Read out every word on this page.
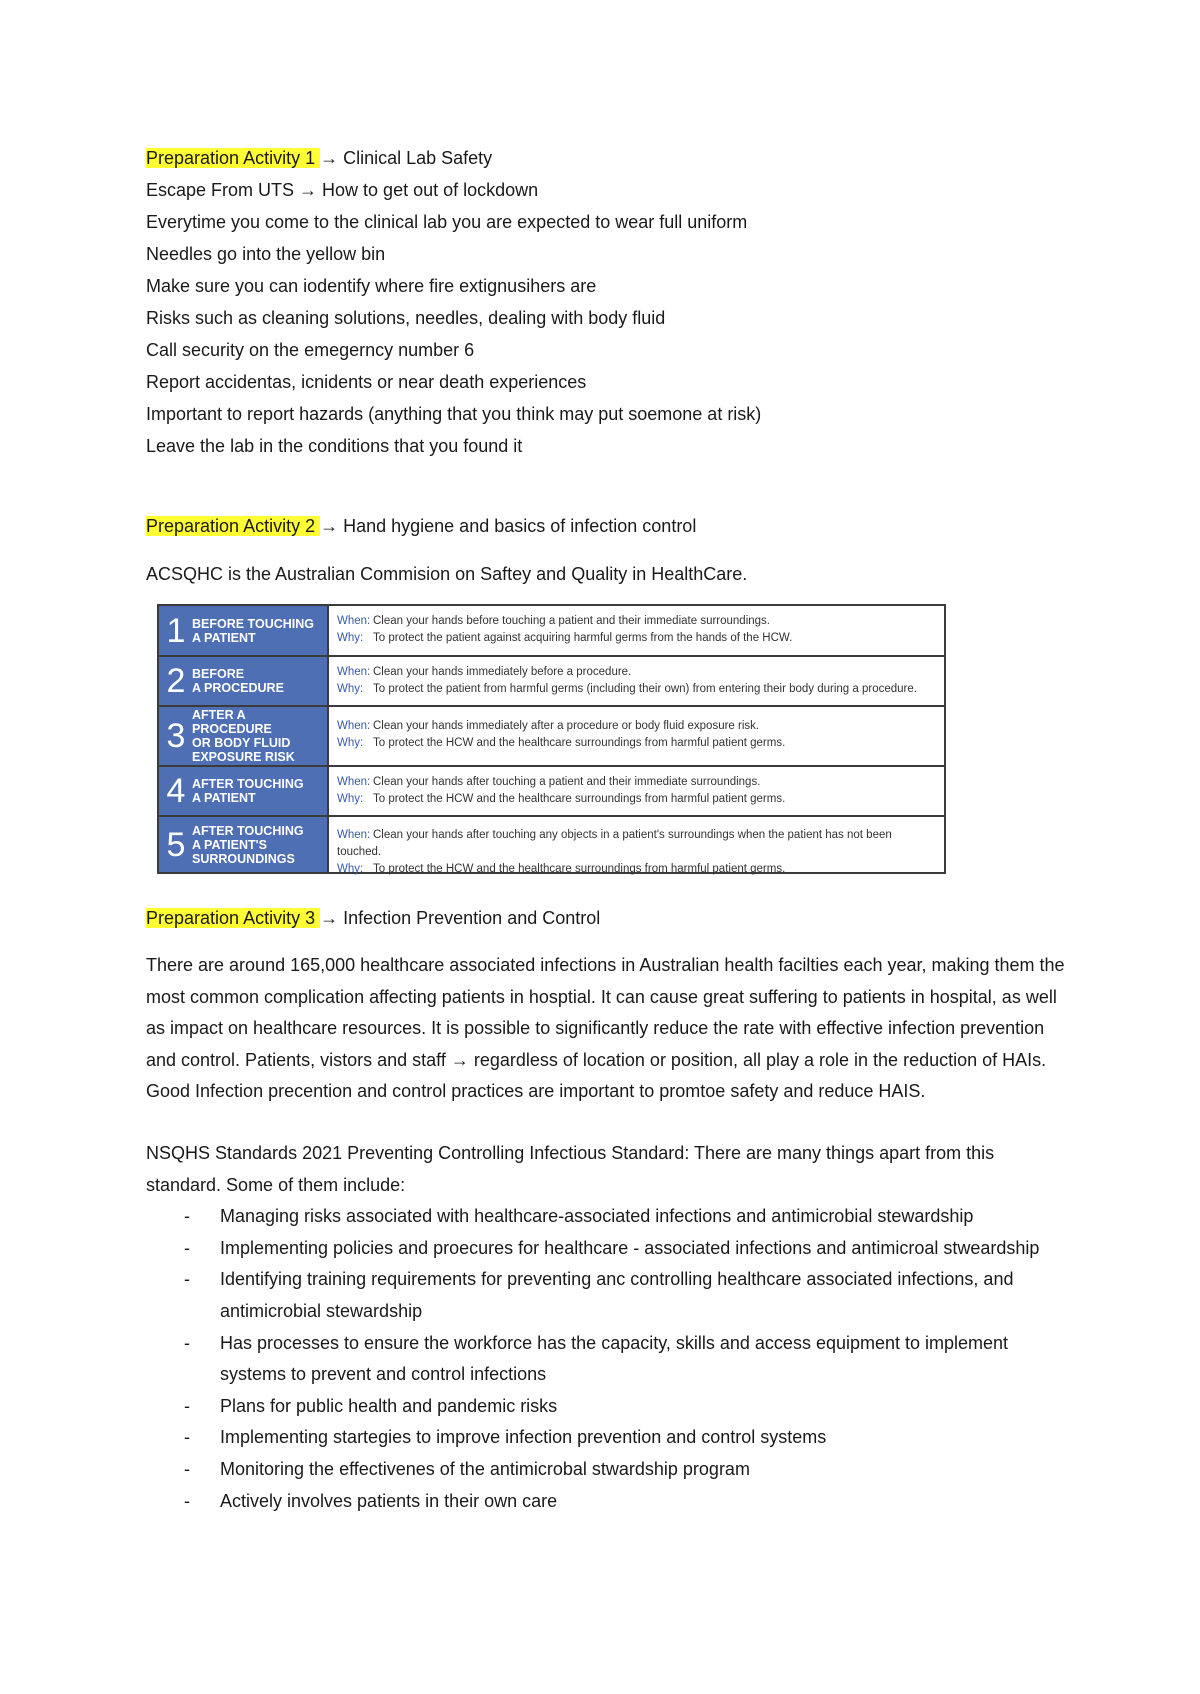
Preparation Activity 1 → Clinical Lab Safety
Escape From UTS → How to get out of lockdown
Everytime you come to the clinical lab you are expected to wear full uniform
Needles go into the yellow bin
Make sure you can iodentify where fire extignusihers are
Risks such as cleaning solutions, needles, dealing with body fluid
Call security on the emegerncy number 6
Report accidentas, icnidents or near death experiences
Important to report hazards (anything that you think may put soemone at risk)
Leave the lab in the conditions that you found it
Preparation Activity 2 → Hand hygiene and basics of infection control
ACSQHC is the Australian Commision on Saftey and Quality in HealthCare.
1 BEFORE TOUCHING
A PATIENT
When: Clean your hands before touching a patient and their immediate surroundings.
Why: To protect the patient against acquiring harmful germs from the hands of the HCW.
2 BEFORE
A PROCEDURE
When: Clean your hands immediately before a procedure.
Why: To protect the patient from harmful germs (including their own) from entering their body during a procedure.
3
AFTER A PROCEDURE
OR BODY FLUID
EXPOSURE RISK
When: Clean your hands immediately after a procedure or body fluid exposure risk.
Why: To protect the HCW and the healthcare surroundings from harmful patient germs.
4 AFTER TOUCHING
A PATIENT
When: Clean your hands after touching a patient and their immediate surroundings.
Why: To protect the HCW and the healthcare surroundings from harmful patient germs.
5 AFTER TOUCHING
A PATIENT'S
SURROUNDINGS
When: Clean your hands after touching any objects in a patient's surroundings when the patient has not been touched.
Why: To protect the HCW and the healthcare surroundings from harmful patient germs.
Preparation Activity 3 → Infection Prevention and Control
There are around 165,000 healthcare associated infections in Australian health facilties each year, making them the most common complication affecting patients in hosptial. It can cause great suffering to patients in hospital, as well as impact on healthcare resources. It is possible to significantly reduce the rate with effective infection prevention and control. Patients, vistors and staff → regardless of location or position, all play a role in the reduction of HAIs. Good Infection precention and control practices are important to promtoe safety and reduce HAIS.
NSQHS Standards 2021 Preventing Controlling Infectious Standard: There are many things apart from this standard. Some of them include:
- Managing risks associated with healthcare-associated infections and antimicrobial stewardship
- Implementing policies and proecures for healthcare - associated infections and antimicroal stweardship
- Identifying training requirements for preventing anc controlling healthcare associated infections, and antimicrobial stewardship
- Has processes to ensure the workforce has the capacity, skills and access equipment to implement systems to prevent and control infections
- Plans for public health and pandemic risks
- Implementing startegies to improve infection prevention and control systems
- Monitoring the effectivenes of the antimicrobal stwardship program
- Actively involves patients in their own care
